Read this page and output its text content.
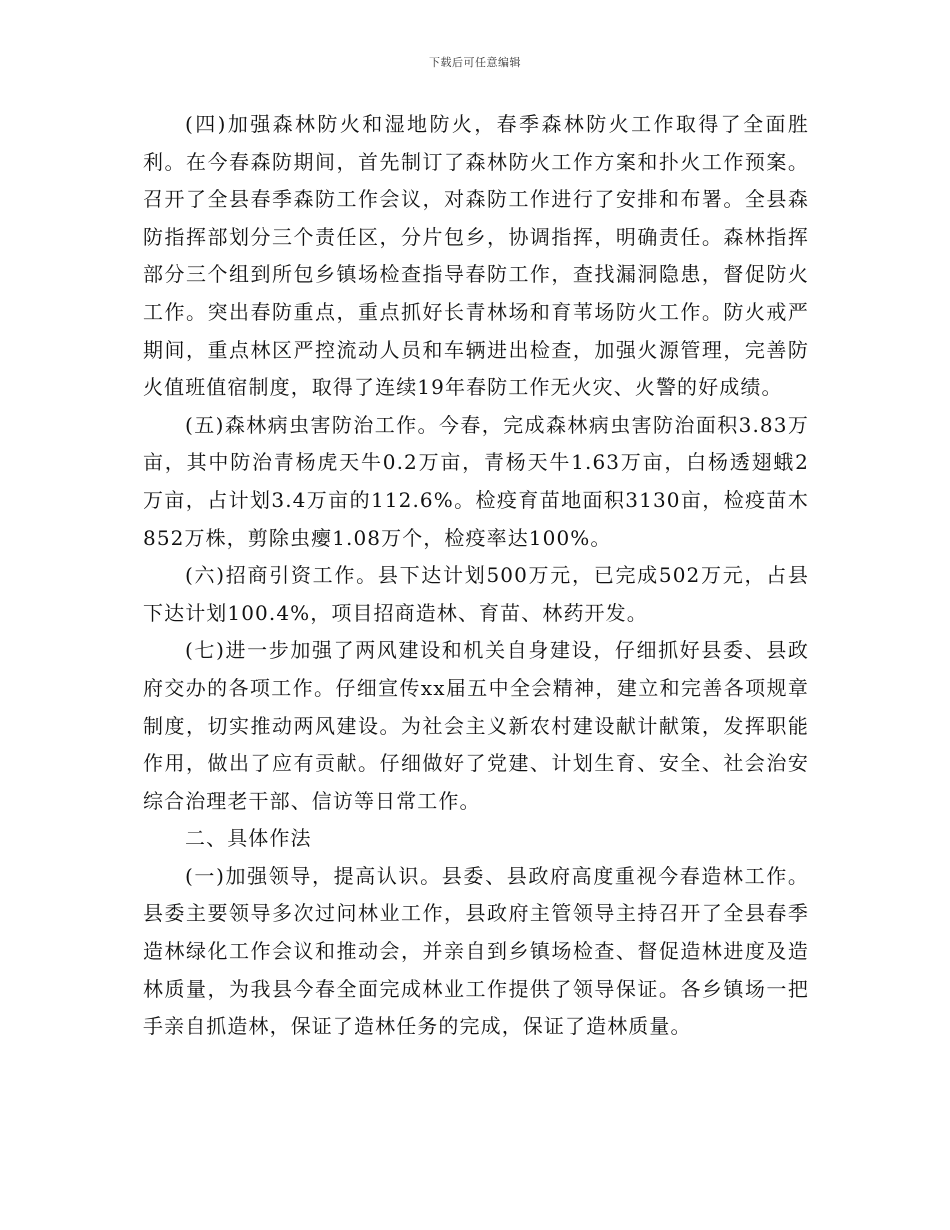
下载后可任意编辑

(四)加强森林防火和湿地防火，春季森林防火工作取得了全面胜利。在今春森防期间，首先制订了森林防火工作方案和扑火工作预案。召开了全县春季森防工作会议，对森防工作进行了安排和布署。全县森防指挥部划分三个责任区，分片包乡，协调指挥，明确责任。森林指挥部分三个组到所包乡镇场检查指导春防工作，查找漏洞隐患，督促防火工作。突出春防重点，重点抓好长青林场和育苇场防火工作。防火戒严期间，重点林区严控流动人员和车辆进出检查，加强火源管理，完善防火值班值宿制度，取得了连续19年春防工作无火灾、火警的好成绩。

(五)森林病虫害防治工作。今春，完成森林病虫害防治面积3.83万亩，其中防治青杨虎天牛0.2万亩，青杨天牛1.63万亩，白杨透翅蛾2万亩，占计划3.4万亩的112.6%。检疫育苗地面积3130亩，检疫苗木852万株，剪除虫瘿1.08万个，检疫率达100%。

(六)招商引资工作。县下达计划500万元，已完成502万元，占县下达计划100.4%，项目招商造林、育苗、林药开发。

(七)进一步加强了两风建设和机关自身建设，仔细抓好县委、县政府交办的各项工作。仔细宣传xx届五中全会精神，建立和完善各项规章制度，切实推动两风建设。为社会主义新农村建设献计献策，发挥职能作用，做出了应有贡献。仔细做好了党建、计划生育、安全、社会治安综合治理老干部、信访等日常工作。

二、具体作法

(一)加强领导，提高认识。县委、县政府高度重视今春造林工作。县委主要领导多次过问林业工作，县政府主管领导主持召开了全县春季造林绿化工作会议和推动会，并亲自到乡镇场检查、督促造林进度及造林质量，为我县今春全面完成林业工作提供了领导保证。各乡镇场一把手亲自抓造林，保证了造林任务的完成，保证了造林质量。
